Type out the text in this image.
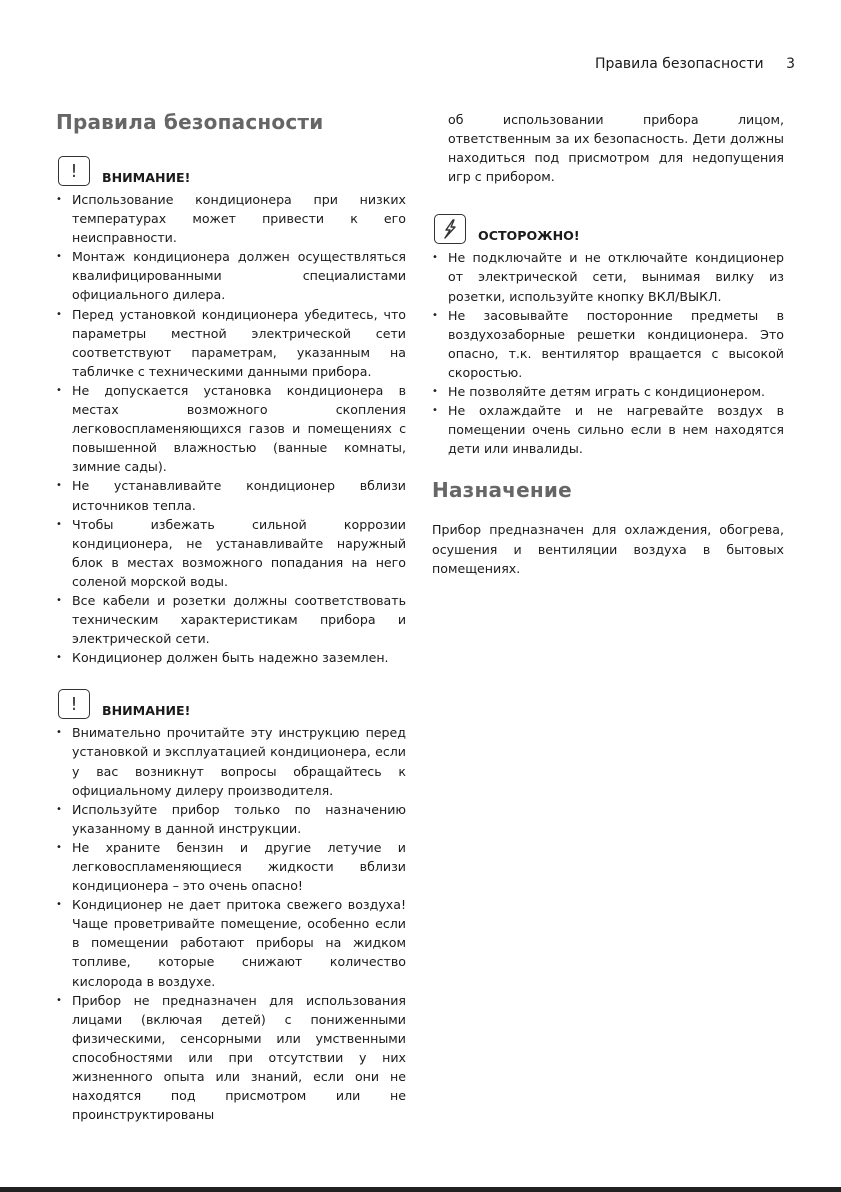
Правила безопасности 3
Правила безопасности
!	ВНИМАНИЕ!
• Использование кондиционера при низких температурах может привести к его неисправности.
• Монтаж кондиционера должен осуществляться квалифицированными специалистами официального дилера.
• Перед установкой кондиционера убедитесь, что параметры местной электрической сети соответствуют параметрам, указанным на табличке с техническими данными прибора.
• Не допускается установка кондиционера в местах возможного скопления легковоспламеняющихся газов и помещениях с повышенной влажностью (ванные комнаты, зимние сады).
• Не устанавливайте кондиционер вблизи источников тепла.
• Чтобы избежать сильной коррозии кондиционера, не устанавливайте наружный блок в местах возможного попадания на него соленой морской воды.
• Все кабели и розетки должны соответствовать техническим характеристикам прибора и электрической сети.
• Кондиционер должен быть надежно заземлен.
!	ВНИМАНИЕ!
• Внимательно прочитайте эту инструкцию перед установкой и эксплуатацией кондиционера, если у вас возникнут вопросы обращайтесь к официальному дилеру производителя.
• Используйте прибор только по назначению указанному в данной инструкции.
• Не храните бензин и другие летучие и легковоспламеняющиеся жидкости вблизи кондиционера – это очень опасно!
• Кондиционер не дает притока свежего воздуха! Чаще проветривайте помещение, особенно если в помещении работают приборы на жидком топливе, которые снижают количество кислорода в воздухе.
• Прибор не предназначен для использования лицами (включая детей) с пониженными физическими, сенсорными или умственными способностями или при отсутствии у них жизненного опыта или знаний, если они не находятся под присмотром или не проинструктированы

об использовании прибора лицом, ответственным за их безопасность. Дети должны находиться под присмотром для недопущения игр с прибором.

ОСТОРОЖНО!
• Не подключайте и не отключайте кондиционер от электрической сети, вынимая вилку из розетки, используйте кнопку ВКЛ/ВЫКЛ.
• Не засовывайте посторонние предметы в воздухозаборные решетки кондиционера. Это опасно, т.к. вентилятор вращается с высокой скоростью.
• Не позволяйте детям играть с кондиционером.
• Не охлаждайте и не нагревайте воздух в помещении очень сильно если в нем находятся дети или инвалиды.
Назначение

Прибор предназначен для охлаждения, обогрева, осушения и вентиляции воздуха в бытовых помещениях.
